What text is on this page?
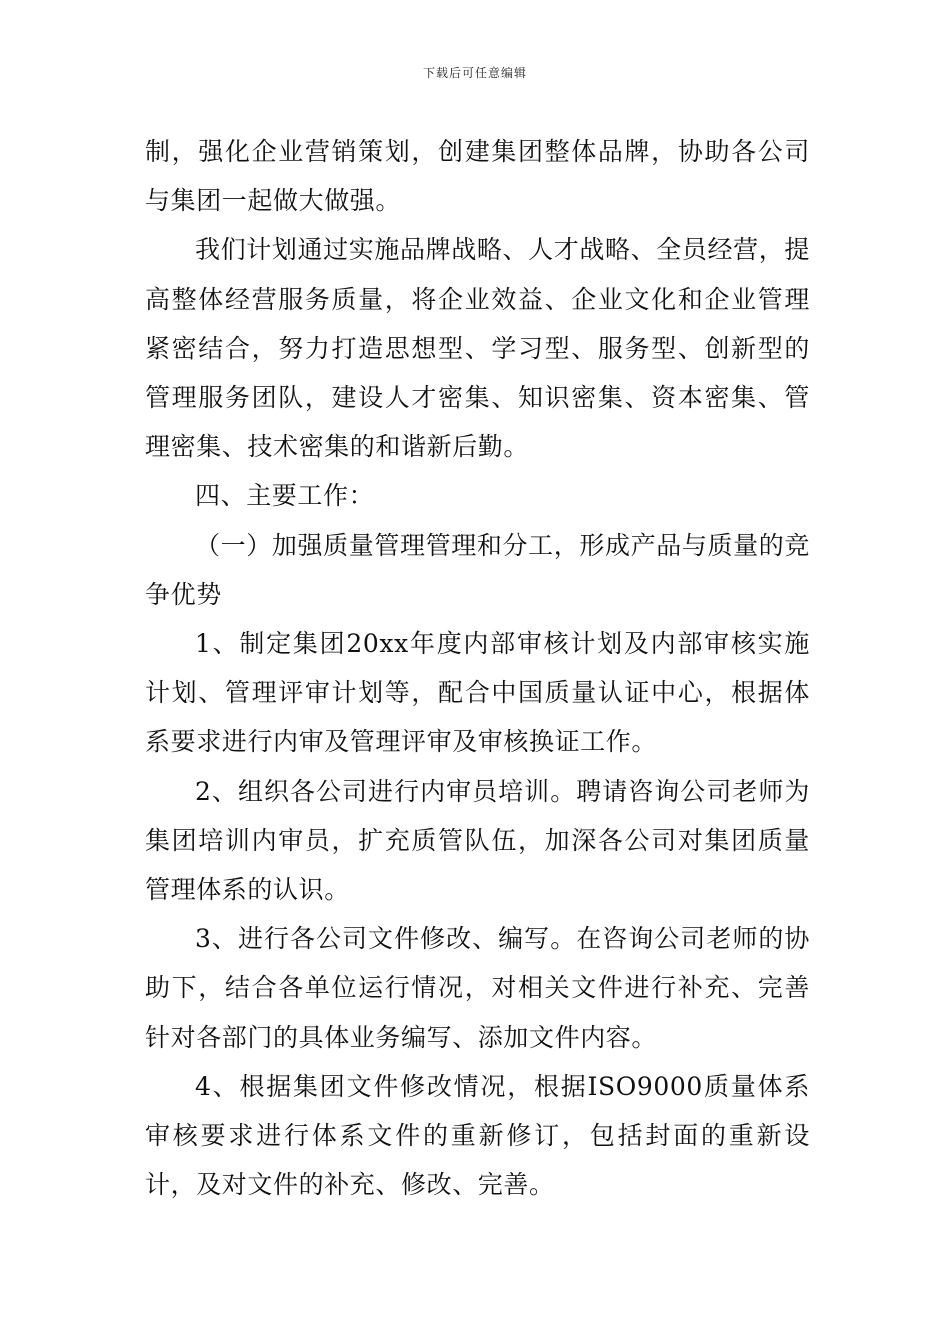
下载后可任意编辑

制，强化企业营销策划，创建集团整体品牌，协助各公司与集团一起做大做强。

我们计划通过实施品牌战略、人才战略、全员经营，提高整体经营服务质量，将企业效益、企业文化和企业管理紧密结合，努力打造思想型、学习型、服务型、创新型的管理服务团队，建设人才密集、知识密集、资本密集、管理密集、技术密集的和谐新后勤。

四、主要工作：

（一）加强质量管理管理和分工，形成产品与质量的竞争优势

1、制定集团20xx年度内部审核计划及内部审核实施计划、管理评审计划等，配合中国质量认证中心，根据体系要求进行内审及管理评审及审核换证工作。

2、组织各公司进行内审员培训。聘请咨询公司老师为集团培训内审员，扩充质管队伍，加深各公司对集团质量管理体系的认识。

3、进行各公司文件修改、编写。在咨询公司老师的协助下，结合各单位运行情况，对相关文件进行补充、完善针对各部门的具体业务编写、添加文件内容。

4、根据集团文件修改情况，根据ISO9000质量体系审核要求进行体系文件的重新修订，包括封面的重新设计，及对文件的补充、修改、完善。
